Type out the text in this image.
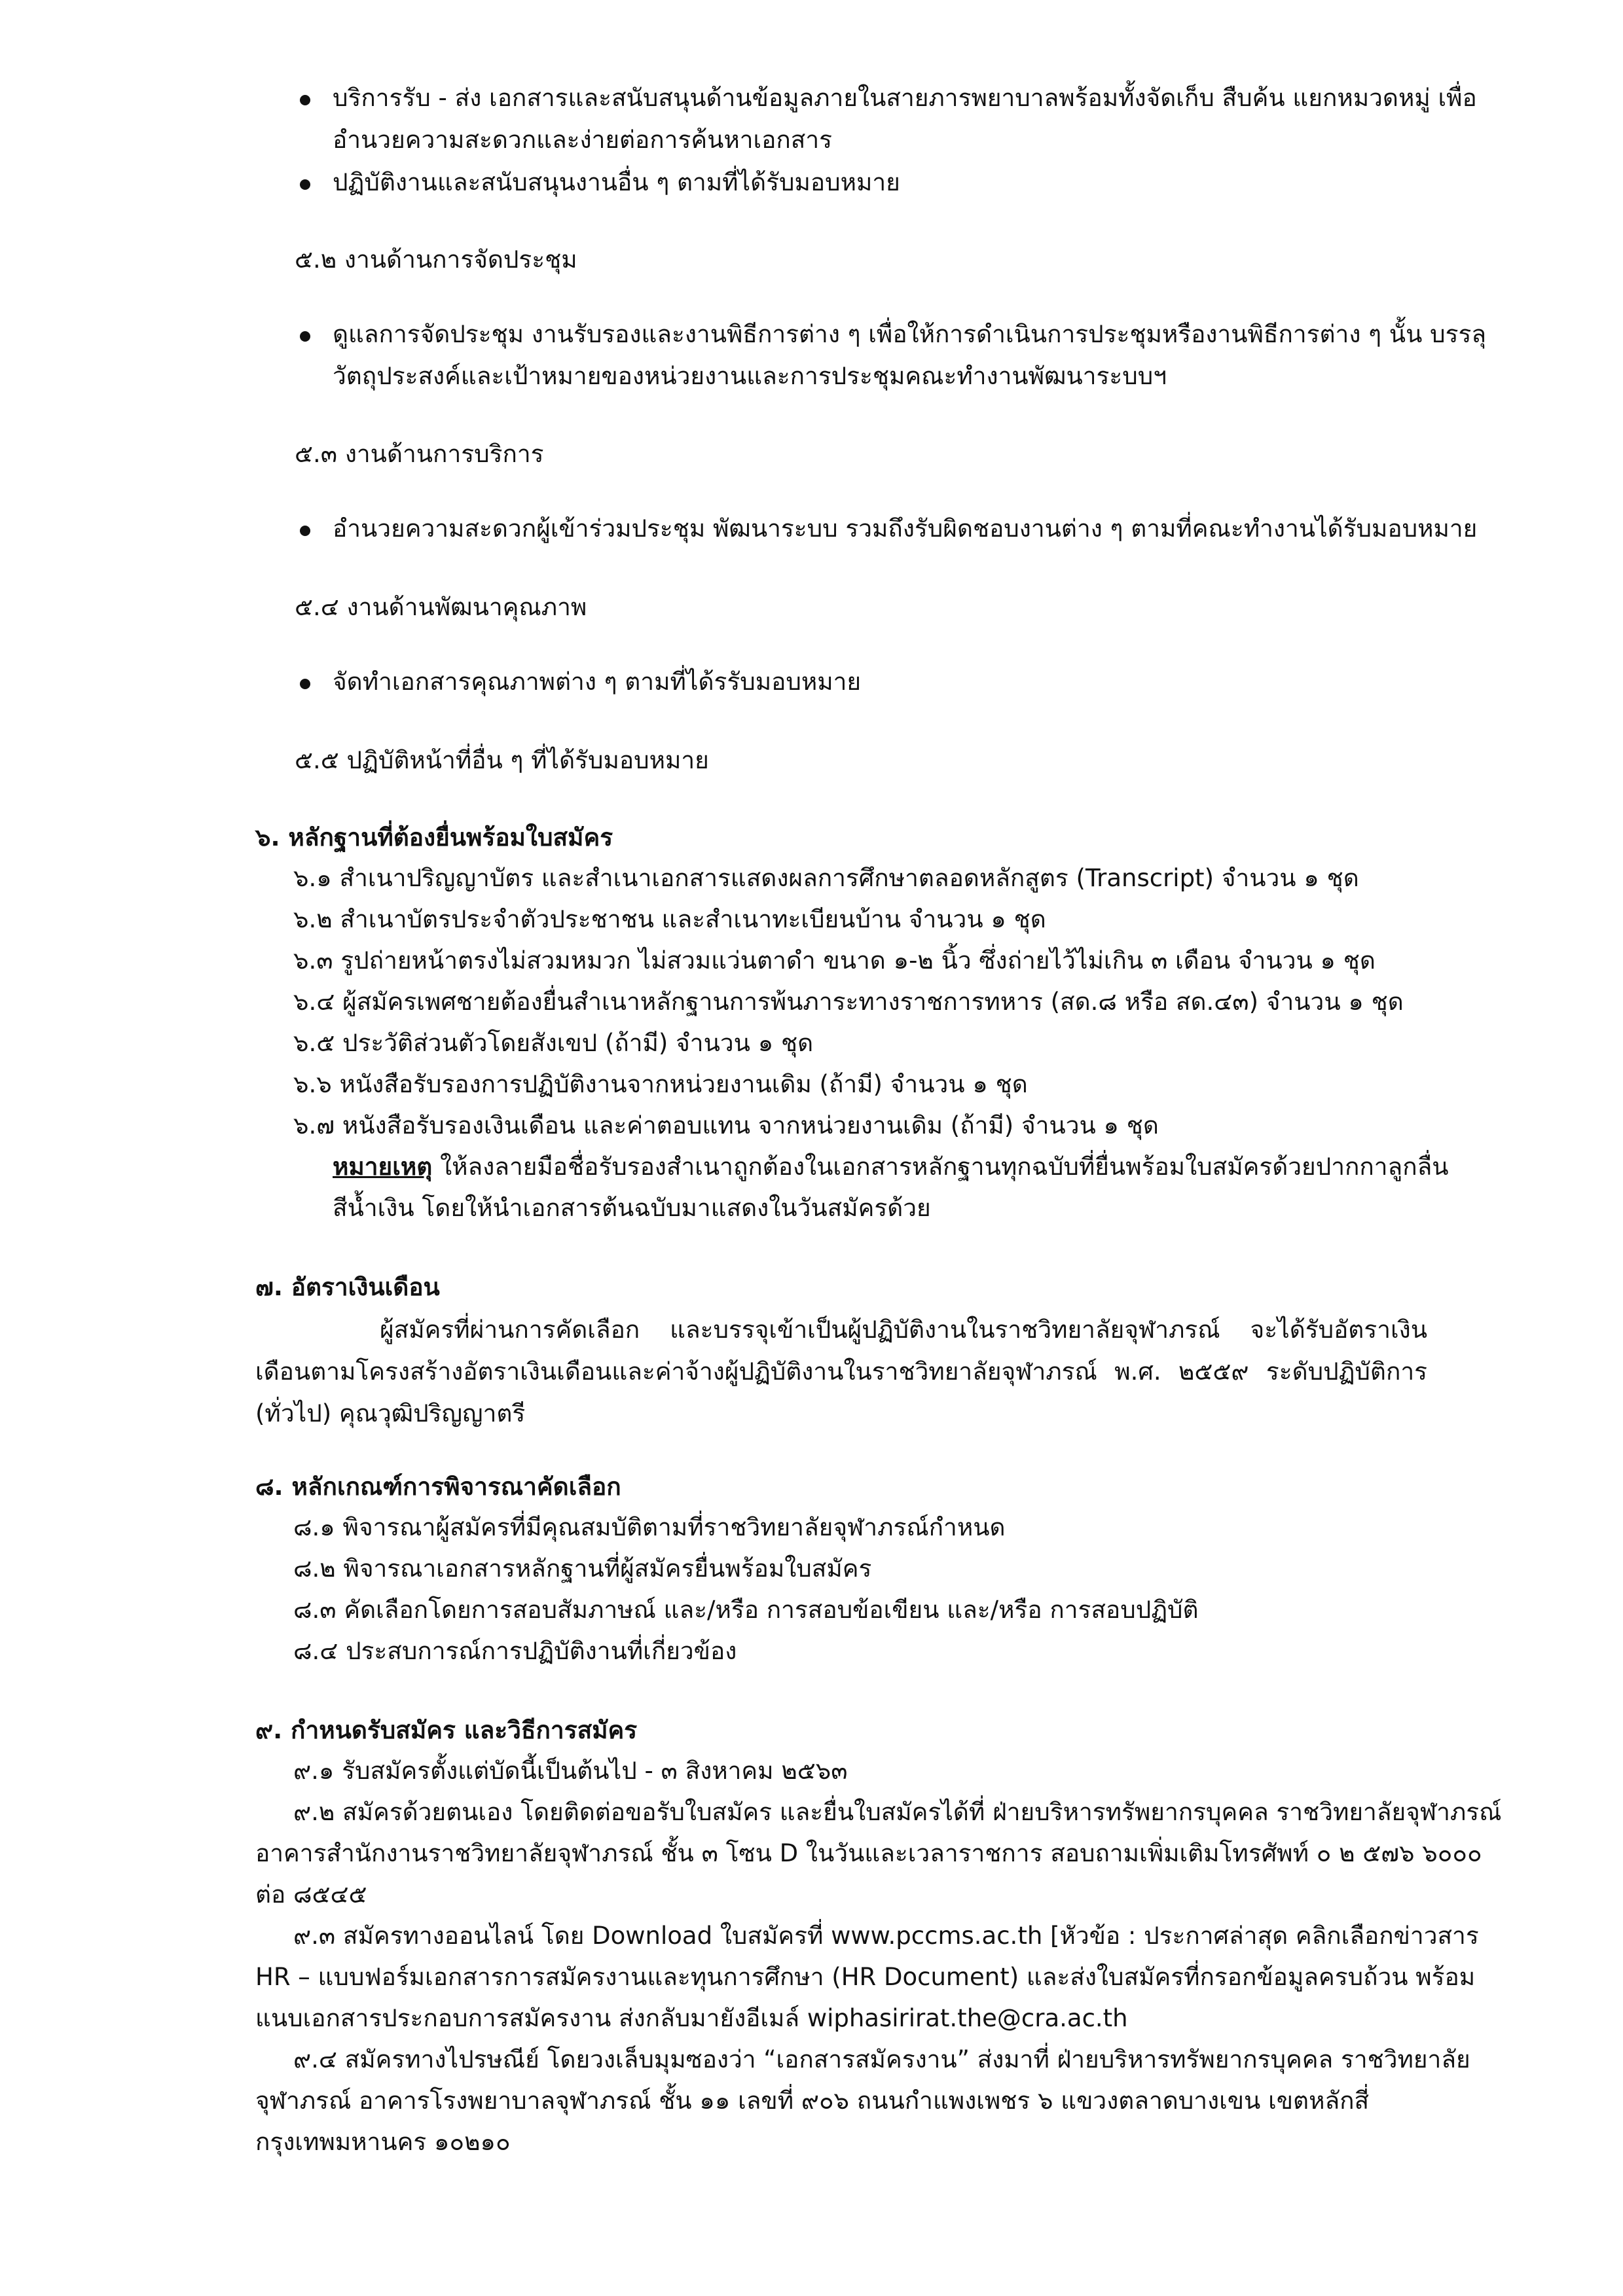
บริการรับ - ส่ง เอกสารและสนับสนุนด้านข้อมูลภายในสายภารพยาบาลพร้อมทั้งจัดเก็บ สืบค้น แยกหมวดหมู่ เพื่อ
อำนวยความสะดวกและง่ายต่อการค้นหาเอกสาร
ปฏิบัติงานและสนับสนุนงานอื่น ๆ ตามที่ได้รับมอบหมาย
๕.๒ งานด้านการจัดประชุม
ดูแลการจัดประชุม งานรับรองและงานพิธีการต่าง ๆ เพื่อให้การดำเนินการประชุมหรืองานพิธีการต่าง ๆ นั้น บรรลุ
วัตถุประสงค์และเป้าหมายของหน่วยงานและการประชุมคณะทำงานพัฒนาระบบฯ
๕.๓ งานด้านการบริการ
อำนวยความสะดวกผู้เข้าร่วมประชุม พัฒนาระบบ รวมถึงรับผิดชอบงานต่าง ๆ ตามที่คณะทำงานได้รับมอบหมาย
๕.๔ งานด้านพัฒนาคุณภาพ
จัดทำเอกสารคุณภาพต่าง ๆ ตามที่ได้รรับมอบหมาย
๕.๕ ปฏิบัติหน้าที่อื่น ๆ ที่ได้รับมอบหมาย
๖. หลักฐานที่ต้องยื่นพร้อมใบสมัคร
๖.๑ สำเนาปริญญาบัตร และสำเนาเอกสารแสดงผลการศึกษาตลอดหลักสูตร (Transcript) จำนวน ๑ ชุด
๖.๒ สำเนาบัตรประจำตัวประชาชน และสำเนาทะเบียนบ้าน จำนวน ๑ ชุด
๖.๓ รูปถ่ายหน้าตรงไม่สวมหมวก ไม่สวมแว่นตาดำ ขนาด ๑-๒ นิ้ว ซึ่งถ่ายไว้ไม่เกิน ๓ เดือน จำนวน ๑ ชุด
๖.๔ ผู้สมัครเพศชายต้องยื่นสำเนาหลักฐานการพ้นภาระทางราชการทหาร (สด.๘ หรือ สด.๔๓) จำนวน ๑ ชุด
๖.๕ ประวัติส่วนตัวโดยสังเขป (ถ้ามี) จำนวน ๑ ชุด
๖.๖ หนังสือรับรองการปฏิบัติงานจากหน่วยงานเดิม (ถ้ามี) จำนวน ๑ ชุด
๖.๗ หนังสือรับรองเงินเดือน และค่าตอบแทน จากหน่วยงานเดิม (ถ้ามี) จำนวน ๑ ชุด
หมายเหตุ ให้ลงลายมือชื่อรับรองสำเนาถูกต้องในเอกสารหลักฐานทุกฉบับที่ยื่นพร้อมใบสมัครด้วยปากกาลูกลื่น
สีน้ำเงิน โดยให้นำเอกสารต้นฉบับมาแสดงในวันสมัครด้วย
๗. อัตราเงินเดือน
ผู้สมัครที่ผ่านการคัดเลือก และบรรจุเข้าเป็นผู้ปฏิบัติงานในราชวิทยาลัยจุฬาภรณ์ จะได้รับอัตราเงินเดือนตามโครงสร้างอัตราเงินเดือนและค่าจ้างผู้ปฏิบัติงานในราชวิทยาลัยจุฬาภรณ์ พ.ศ. ๒๕๕๙ ระดับปฏิบัติการ (ทั่วไป) คุณวุฒิปริญญาตรี
๘. หลักเกณฑ์การพิจารณาคัดเลือก
๘.๑ พิจารณาผู้สมัครที่มีคุณสมบัติตามที่ราชวิทยาลัยจุฬาภรณ์กำหนด
๘.๒ พิจารณาเอกสารหลักฐานที่ผู้สมัครยื่นพร้อมใบสมัคร
๘.๓ คัดเลือกโดยการสอบสัมภาษณ์ และ/หรือ การสอบข้อเขียน และ/หรือ การสอบปฏิบัติ
๘.๔ ประสบการณ์การปฏิบัติงานที่เกี่ยวข้อง
๙. กำหนดรับสมัคร และวิธีการสมัคร
๙.๑ รับสมัครตั้งแต่บัดนี้เป็นต้นไป - ๓ สิงหาคม ๒๕๖๓
๙.๒ สมัครด้วยตนเอง โดยติดต่อขอรับใบสมัคร และยื่นใบสมัครได้ที่ ฝ่ายบริหารทรัพยากรบุคคล ราชวิทยาลัยจุฬาภรณ์
อาคารสำนักงานราชวิทยาลัยจุฬาภรณ์ ชั้น ๓ โซน D ในวันและเวลาราชการ สอบถามเพิ่มเติมโทรศัพท์ ๐ ๒ ๕๗๖ ๖๐๐๐
ต่อ ๘๕๔๕
๙.๓ สมัครทางออนไลน์ โดย Download ใบสมัครที่ www.pccms.ac.th [หัวข้อ : ประกาศล่าสุด คลิกเลือกข่าวสาร
HR – แบบฟอร์มเอกสารการสมัครงานและทุนการศึกษา (HR Document) และส่งใบสมัครที่กรอกข้อมูลครบถ้วน พร้อม
แนบเอกสารประกอบการสมัครงาน ส่งกลับมายังอีเมล์ wiphasirirat.the@cra.ac.th
๙.๔ สมัครทางไปรษณีย์ โดยวงเล็บมุมซองว่า “เอกสารสมัครงาน” ส่งมาที่ ฝ่ายบริหารทรัพยากรบุคคล ราชวิทยาลัย
จุฬาภรณ์ อาคารโรงพยาบาลจุฬาภรณ์ ชั้น ๑๑ เลขที่ ๙๐๖ ถนนกำแพงเพชร ๖ แขวงตลาดบางเขน เขตหลักสี่
กรุงเทพมหานคร ๑๐๒๑๐
